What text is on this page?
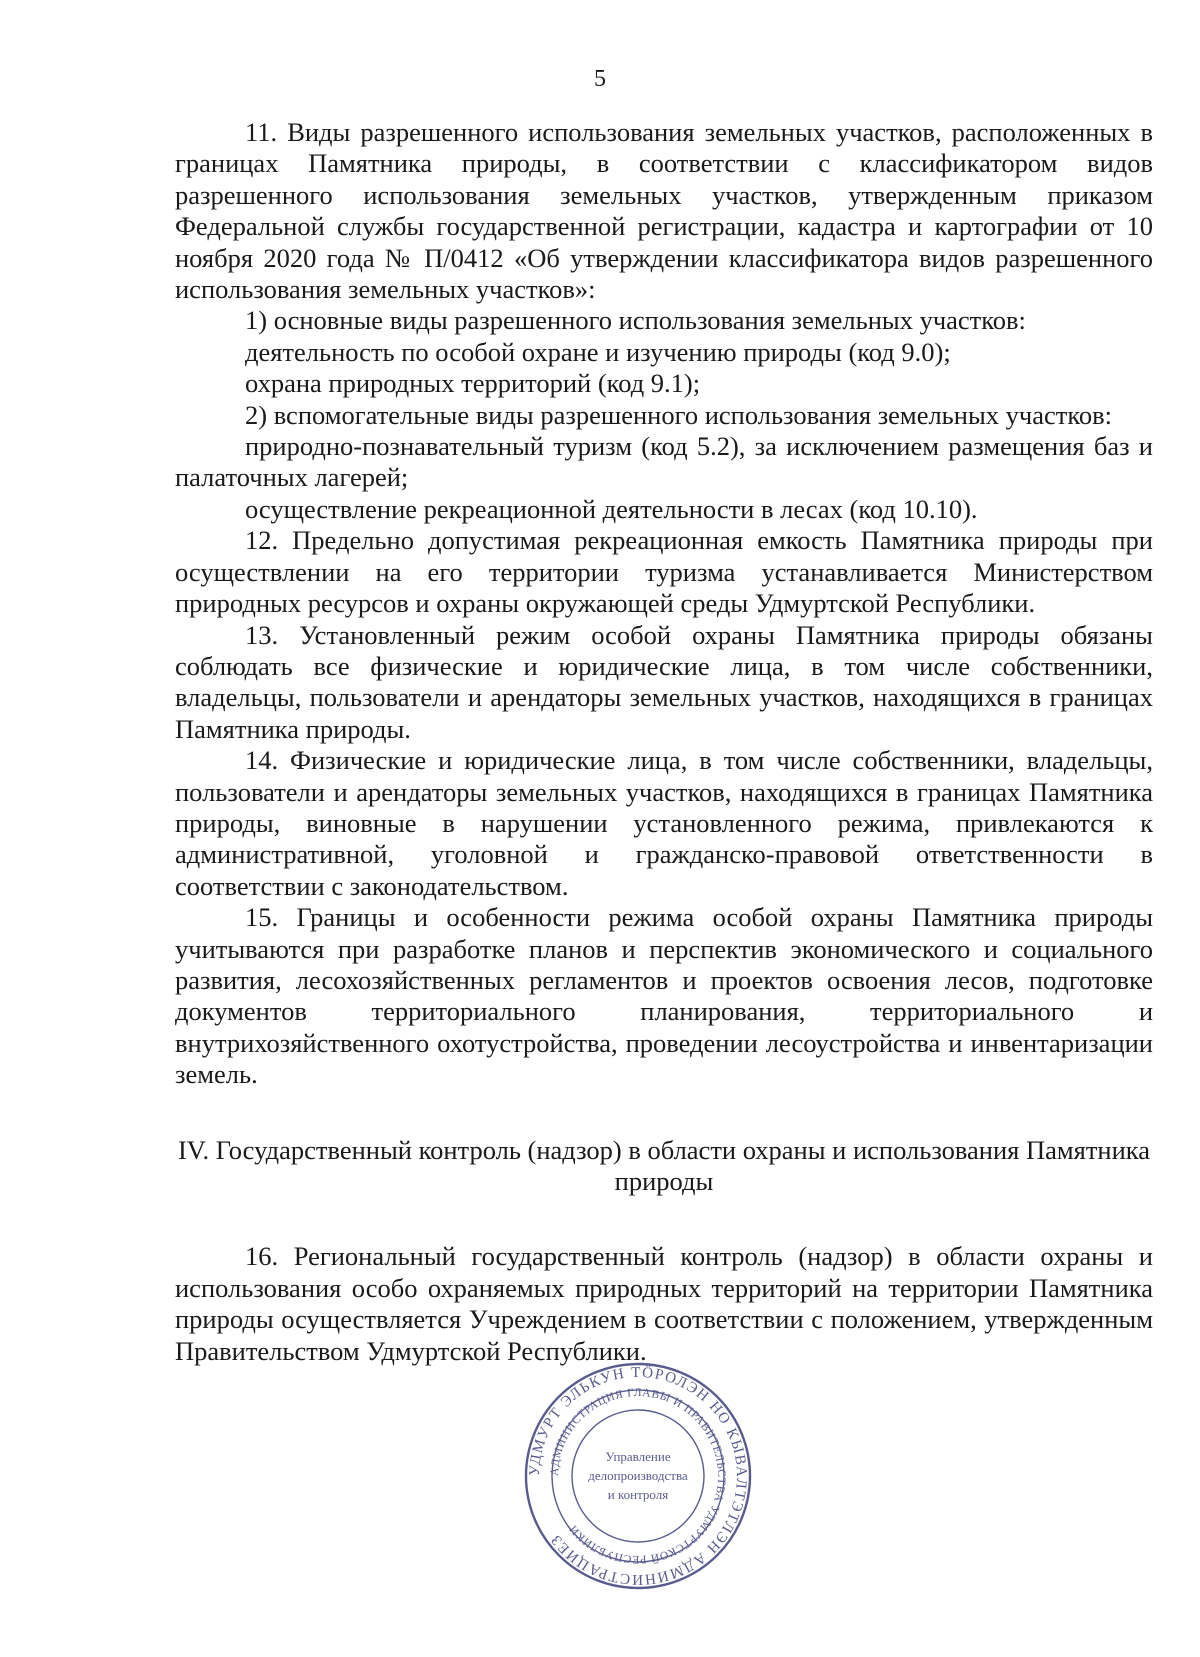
5

11. Виды разрешенного использования земельных участков, расположенных в границах Памятника природы, в соответствии с классификатором видов разрешенного использования земельных участков, утвержденным приказом Федеральной службы государственной регистрации, кадастра и картографии от 10 ноября 2020 года № П/0412 «Об утверждении классификатора видов разрешенного использования земельных участков»:

1) основные виды разрешенного использования земельных участков:

деятельность по особой охране и изучению природы (код 9.0);

охрана природных территорий (код 9.1);

2) вспомогательные виды разрешенного использования земельных участков:

природно-познавательный туризм (код 5.2), за исключением размещения баз и палаточных лагерей;

осуществление рекреационной деятельности в лесах (код 10.10).

12. Предельно допустимая рекреационная емкость Памятника природы при осуществлении на его территории туризма устанавливается Министерством природных ресурсов и охраны окружающей среды Удмуртской Республики.

13. Установленный режим особой охраны Памятника природы обязаны соблюдать все физические и юридические лица, в том числе собственники, владельцы, пользователи и арендаторы земельных участков, находящихся в границах Памятника природы.

14. Физические и юридические лица, в том числе собственники, владельцы, пользователи и арендаторы земельных участков, находящихся в границах Памятника природы, виновные в нарушении установленного режима, привлекаются к административной, уголовной и гражданско-правовой ответственности в соответствии с законодательством.

15. Границы и особенности режима особой охраны Памятника природы учитываются при разработке планов и перспектив экономического и социального развития, лесохозяйственных регламентов и проектов освоения лесов, подготовке документов территориального планирования, территориального и внутрихозяйственного охотустройства, проведении лесоустройства и инвентаризации земель.

IV. Государственный контроль (надзор) в области охраны и использования Памятника природы

16. Региональный государственный контроль (надзор) в области охраны и использования особо охраняемых природных территорий на территории Памятника природы осуществляется Учреждением в соответствии с положением, утвержденным Правительством Удмуртской Республики.

УДМУРТ ЭЛЬКУН ТӦРОЛЭН НО КЫВАЛТЭТЛЭН АДМИНИСТРАЦИЕЗ
АДМИНИСТРАЦИЯ ГЛАВЫ И ПРАВИТЕЛЬСТВА УДМУРТСКОЙ РЕСПУБЛИКИ
Управление
делопроизводства
и контроля
